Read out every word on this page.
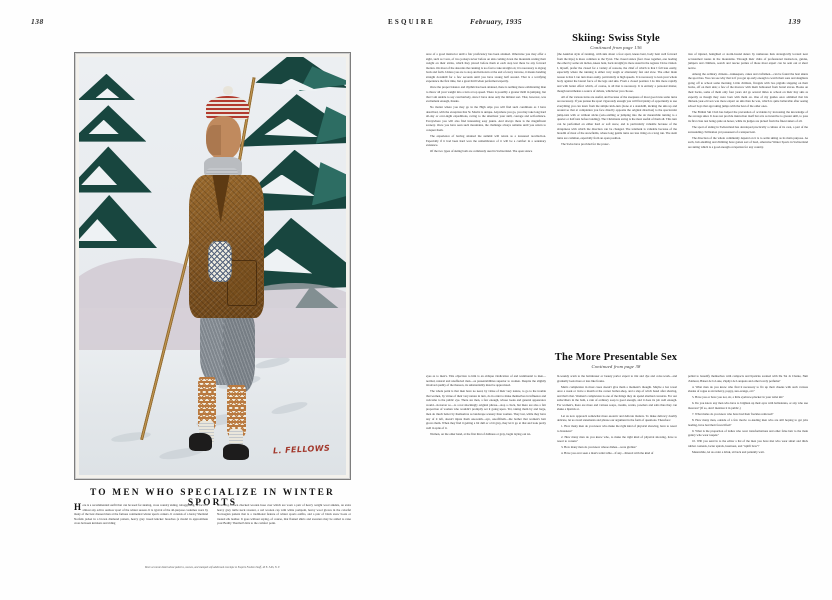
138	ESQUIRE	February, 1935	139
L. FELLOWS
TO MEN WHO SPECIALIZE IN WINTER SPORTS

Here is a recommended outfit that can be used for skating, cross country skiing, tobogganing, in fact for almost any active outdoor sport of the winter season. It is typical of the all-purpose costumes worn by many of the best dressed men at the famous continental winter sports centers. It consists of a heavy Shetland Norfolk jacket in a brown diamond pattern, heavy grey tweed knicker breeches (a model in approximate cross between knickers and riding

breeches), brown checked woolen hose over which are worn a pair of heavy weight wool anklets, an extra heavy grey turtle neck sweater, a red woolen cap with white pompom, heavy wool gloves in the colorful Norwegian pattern that is a traditional feature of winter sports outfits, and a pair of black snow boots or treated elk leather. It goes without saying, of course, that flannel shirts and sweaters may be added to raise your Bodily Thermal Units to the comfort point.

More accurate detail about patterns, weaves, and stamped self-addressed envelope to Esquire Fashion Staff, 40 E. 34th, N. Y.
Skiing: Swiss Style
Continued from page 136

ance of a good instructor until a fair proficiency has been attained. Otherwise you may offer a sight, such as I saw, of two jockeys never before on skis coming down the mountain resting their weight on their sticks, which they placed before them at each step lest there be any forward motion. On most of the descents the running is too fast to take straight on; it is necessary to zigzag back and forth. Unless you are to stop and kick-turn at the end of every traverse, it means bending straight downhill for a few seconds until you have swung half around. That is a terrifying experience the first time, but a great thrill when performed expertly.

Once the proper balance and rhythm has been attained, there is nothing more exhilarating than to throw all your weight into a turn at top speed. There is possibly a greater thrill in jumping, but that I am unable to say conclusively, since I have done only the mildest sort. That, however, was excitement enough, thanks.

No matter where you may go in the High Alps you will find such conditions as I have described, with the exception that St. Moritz is unique. Anywhere you go, you may take long hard all-day or over-night expeditions, racing to the uttermost your skill, courage and self-reliance. Everywhere you will also find interesting easy jaunts. And always there is the magnificent scenery. Once you have seen such mountains, the challenge always remains until you return to conquer them.

The experience of having attained the summit will return as a treasured recollection. Especially if it had been hard won the remembrance of it will be a comfort in a sedentary existence.

Of the two types of skiing both are commonly used in Switzerland. The open stance

(the Austrian style of running, with skis about a foot apart, knees bent, body bent well forward from the hips) is more common to the Tyrol. The closed stance (feet close together, one leading the other by some six inches, knees bent, back straight) is more usual in the regions I have visited. I, myself, prefer the closed for a variety of reasons, the chief of which is that I fall less easily, especially where the running is either very tough or alternately fast and slow. The other main reason is that I can turn more easily, particularly at high speeds. It is necessary to lean your whole body against the lateral force of the legs and skis. From a closed position I do this more rapidly and with better effect which, of course, is all that is necessary. It is entirely a personal matter, though nevertheless a source of debate, whichever you choose.

All of the various turns are useful, and because of the steepness of most good runs some turns are necessary. If you pursue the sport vigorously enough you will find plenty of opportunity to use everything you can learn from the simple kick-turn (done at a standstill, kicking the skis up and around so that at completion you face directly opposite the original direction) to the spectacular jump-turn with or without sticks (solo-stalling or jumping into the air meanwhile turning to a quarter or half turn before landing). The Christiania swing is the most useful of them all. This turn can be performed on either hard or soft snow, and is particularly valuable because of the abruptness with which the direction can be changed. The telemark is valuable because of the breadth of most of the snowfields, where long gentle turns are less tiring on a long run. The stem turns are common, especially from an open position.

The Swiss have provided for the protec-

tion of injured, benighted or storm-bound skiers by numerous huts strategically located near accustomed routes in the mountains. Through their clubs of professional instructors, guides, jumpers and climbers, search and rescue parties of those most expert can be sent out at short notice.

Among the ordinary citizens—innkeepers, cakes and craftsmen—can be found the best skiers the sport has. You can see why that is if you get up early enough to watch their sons and daughters going off to school some morning. Little children, fiveguls with two pigtails slapping on their backs, off on their skis; a few of the morrow with them ballooned from barrel staves. Books on their backs, some of them only four years old go several miles to school on their tiny skis as expertly as though they were born with them on. One of my guides once admitted that his thirteen-year-old son was more expert on skis than he was, which is quite believable after seeing school boys that age taking jumps with the best of the older ones.

The British Ski Club has helped the prevention of accidents by increasing the knowledge of the average skier. It does not provide instruction itself but acts as incentive to greater skill, to pass its first class test being quite an honor, while its judges are picked from the finest skiers of all.

The sport of skiing in Switzerland has developed practically a culture of its own, a part of the surrounding civilization yet possessed of a unique bent.

The direction of the whole community depend on it is to settle skiing as its main purpose. As such, bob-sledding and climbing have gotten sort of bred, otherwise Winter Sports in Switzerland are skiing which is a good enough occupation for any country.

The More Presentable Sex
Continued from page 38

eyes as to men's. This objection to him is an oblique vindication of and testimonial to men—normal, natural and unaffected men—as presentabilities superior to women. Despite the slightly involved quality of the thereon, its substantiality must be appreciated.

The whole point is that men have no need, by virtue of their very nature, to go to the trouble that women, by virtue of their very nature in turn, do in order to make themselves in influence and welcome to the public eye. There are men, a few enough, whose looks and general appearance would—however so—to a not shockingly original phrase—stop a clock, but there are also a fair proportion of women who wouldn't promptly set it going upon. Yet, taking them by and large, men do much better by themselves as landscape scenery than women. They last, while they have any of it left, doesn't injure them one-tenth—aye, one-fiftieth—the bother that women's hair grows them. When they find it getting a bit dull or a bit gray, they let it go at that and look pretty well in spite of it.

Women, on the other hand, at the first hint of dullness or gray, begin laying out toi-

bi-weekly scam to the hairdresser or beauty parlor expert to tint and dye and color-wash—and gradually look more or less like freaks.

Men's complexion in most cases doesn't give them a moment's thought. Maybe a hot towel once a week or twice a month at the corner barber-shop, and a slap of witch hazel after shaving, and that's that. Women's complexion is one of the things they do spend alarmed concerns. For our subscribers in the bath, a rain of ordinary soap is good enough, and it does its job well enough. For women's, there are more and various soaps, creams, scents, powders and salts thus they can shake a lipstick at.

Let us now approach somewhat more esoteric and delicate matters. To make delicacy doubly delicate, let us avoid statements and phrase our argument in the form of questions. Therefore:

1. How many men do you know who make the right kind of physical showing, have to resort to brassiere?

2. How many men do you know who, to make the right kind of physical showing, have to resort to corsets?

3. How many men do you know whose dishes—were girdles?

4. Have you ever seen a man's toilet table—if any—littered with the kind of

pelled to beautify themselves with compacts and lipsticks scented with De Toi Je Chante, Nuit d'Amour, Baiser de la Lune, Zéphyr de Lanquois and other lovely perfume?

4. What men do you know who find it necessary to fix up their cheeks with such various shades of rogue as strawberry, poppy, sun-orange, etc?

5. Have you or have you not, sir, a little eyebrow-plucker in your toilet kit?

6. Do you know any men who have to brighten up their eyes with belladonna, or any who use mascara? (If so, don't mention it in public.)

7. What males do you know who have had their freckles removed?

8. How many men, outside of a few movie co-leading men who are still hoping to get jobs leading, have had their faces lifted?

9. What is the proportion of ladies who wear transformations and other false hair to the male gentry who wear toupés?

10. Will you send in to the editor a list of the men you have met who wear smart and thick rubber contents, lacier spirals, lussitoux, and "uplift bras"?

Meanwhile, let us order a drink, sit back and patiently wait.
